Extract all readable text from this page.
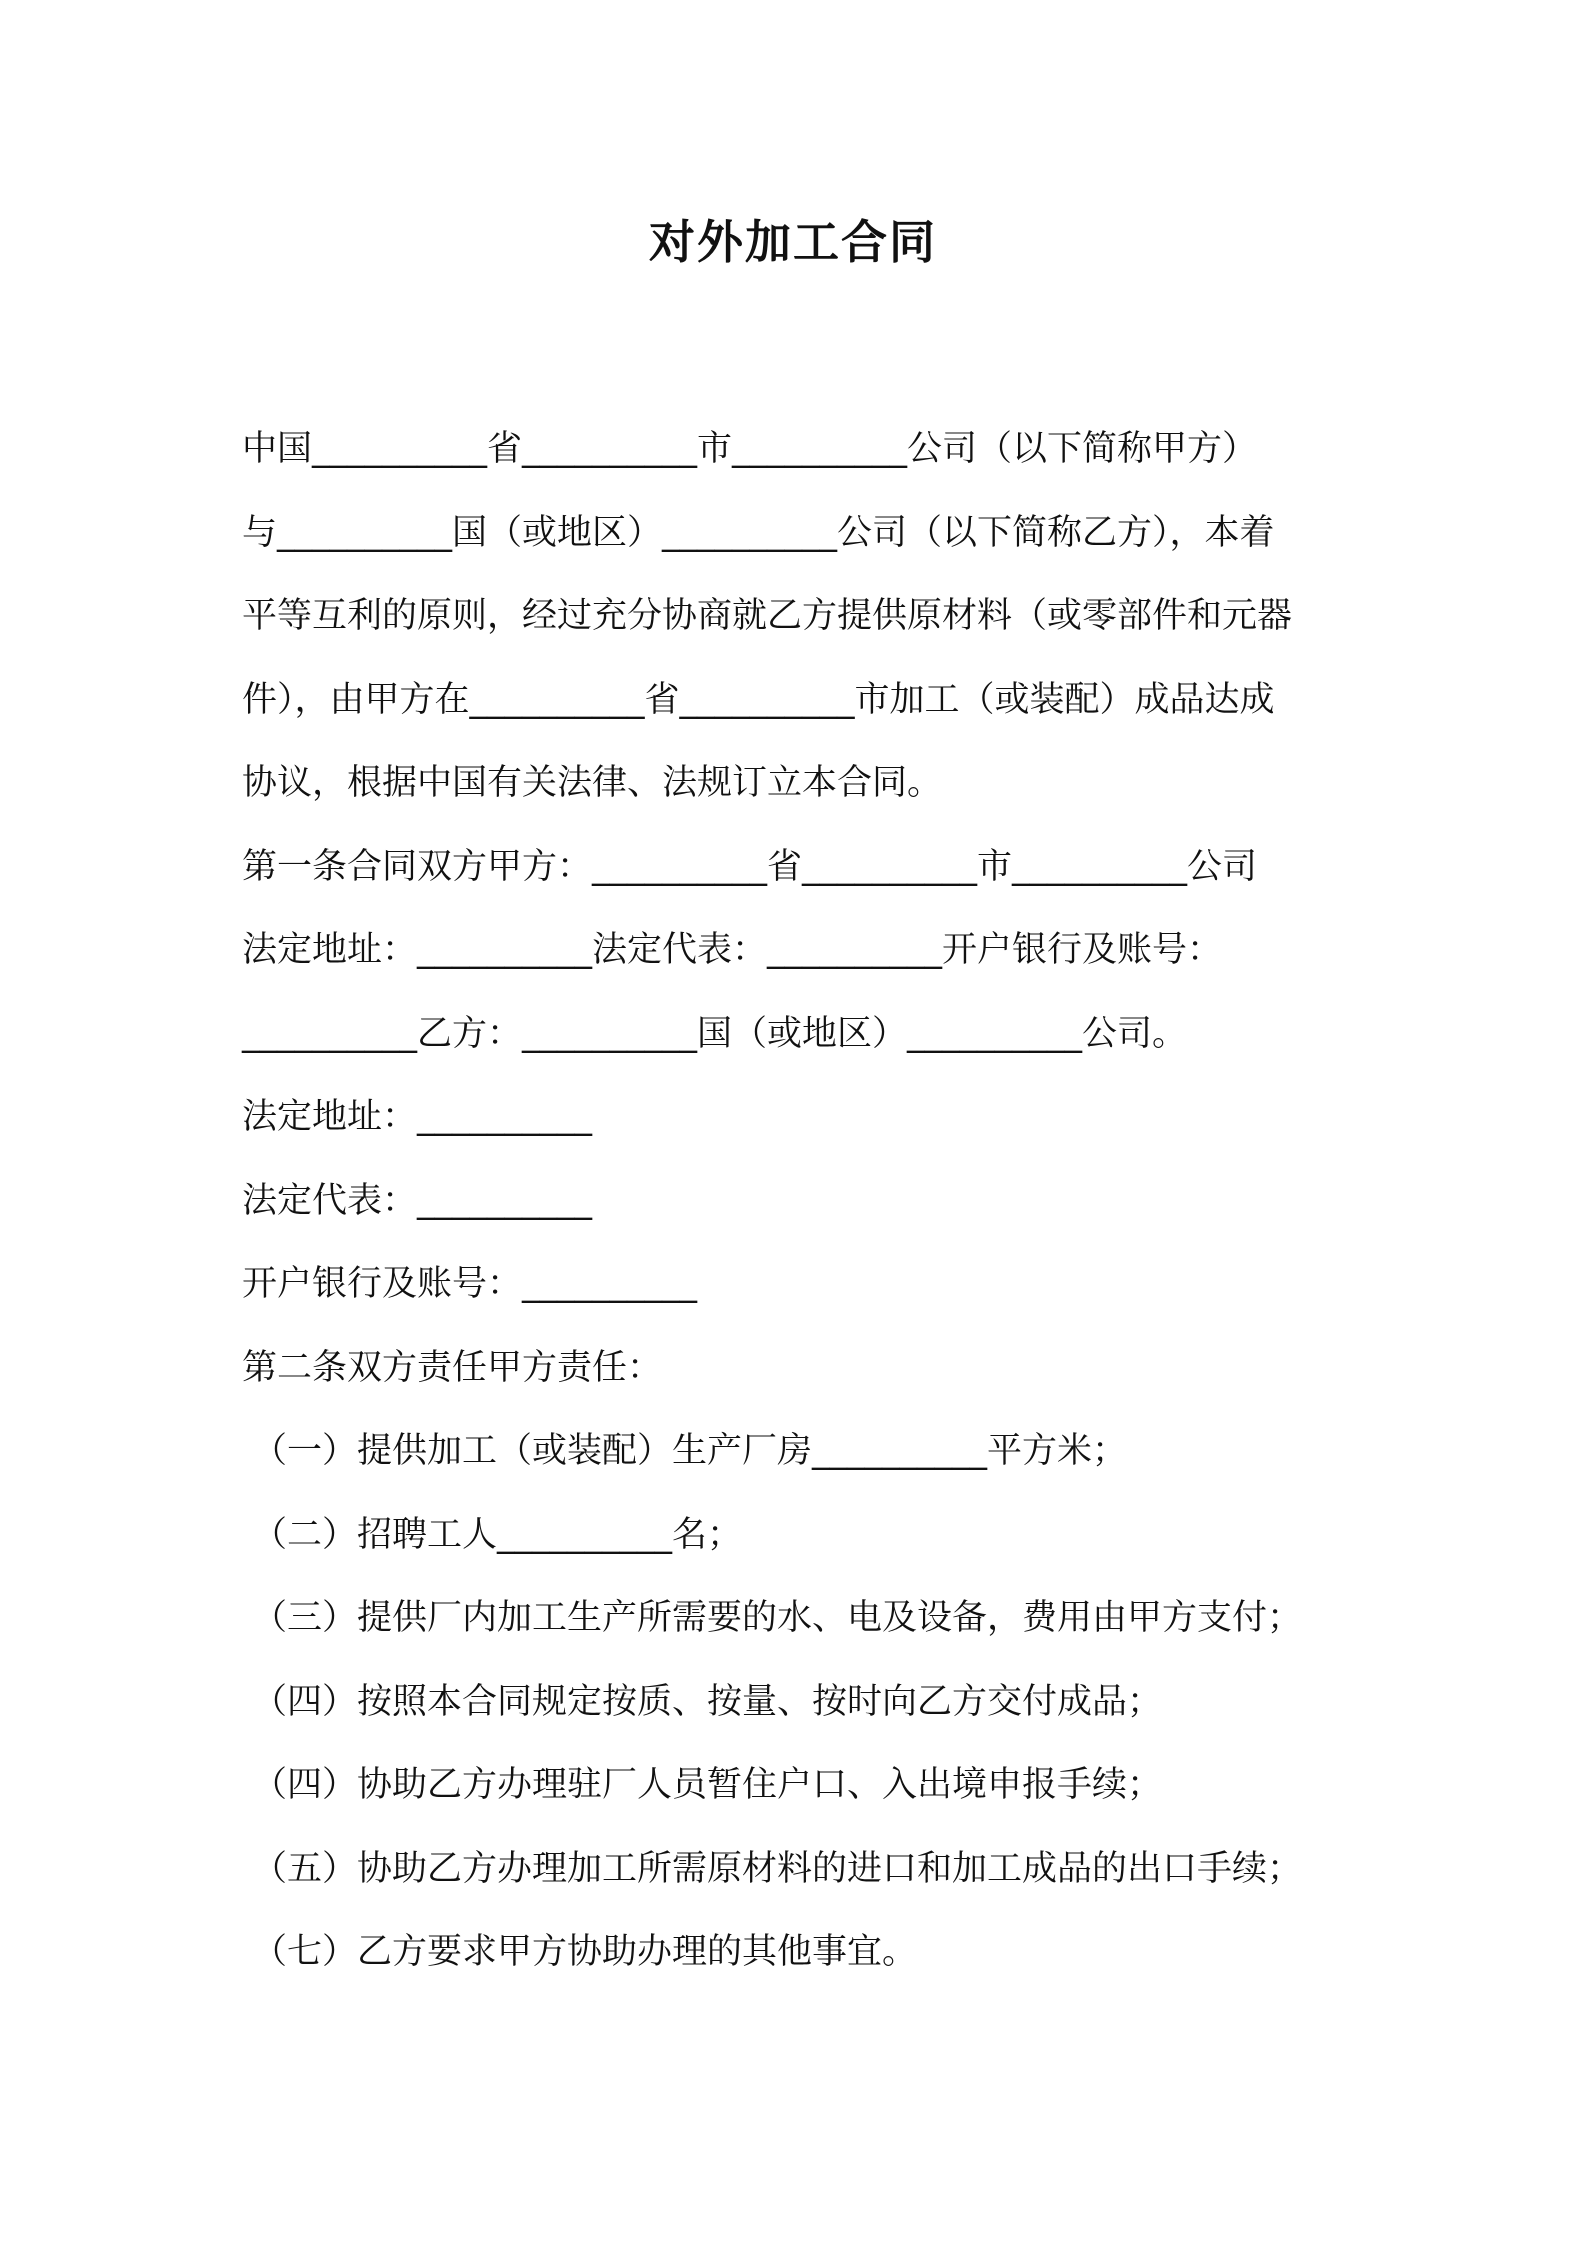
对外加工合同
中国__________省__________市__________公司（以下简称甲方）
与__________国（或地区）__________公司（以下简称乙方），本着
平等互利的原则，经过充分协商就乙方提供原材料（或零部件和元器
件），由甲方在__________省__________市加工（或装配）成品达成
协议，根据中国有关法律、法规订立本合同。
第一条合同双方甲方：__________省__________市__________公司
法定地址：__________法定代表：__________开户银行及账号：
__________乙方：__________国（或地区）__________公司。
法定地址：__________
法定代表：__________
开户银行及账号：__________
第二条双方责任甲方责任：
（一）提供加工（或装配）生产厂房__________平方米；
（二）招聘工人__________名；
（三）提供厂内加工生产所需要的水、电及设备，费用由甲方支付；
（四）按照本合同规定按质、按量、按时向乙方交付成品；
（四）协助乙方办理驻厂人员暂住户口、入出境申报手续；
（五）协助乙方办理加工所需原材料的进口和加工成品的出口手续；
（七）乙方要求甲方协助办理的其他事宜。
